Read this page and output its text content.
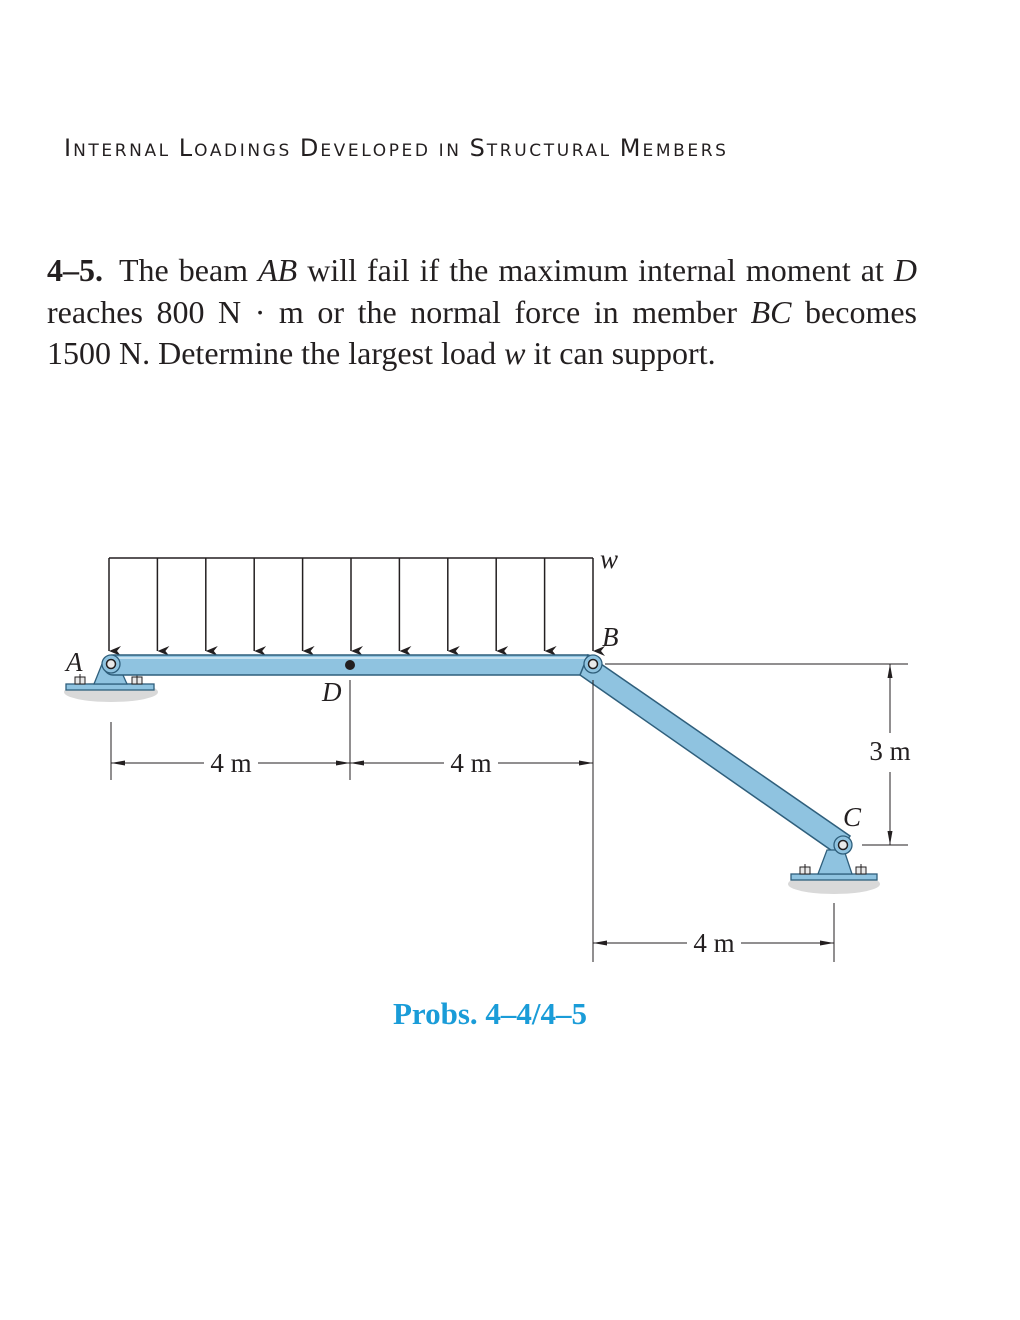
INTERNAL LOADINGS DEVELOPED IN STRUCTURAL MEMBERS
4–5. The beam AB will fail if the maximum internal moment at D reaches 800 N · m or the normal force in member BC becomes 1500 N. Determine the largest load w it can support.
4 m	4 m
4 m
3 m
A
B
C
D
w
Probs. 4–4/4–5
